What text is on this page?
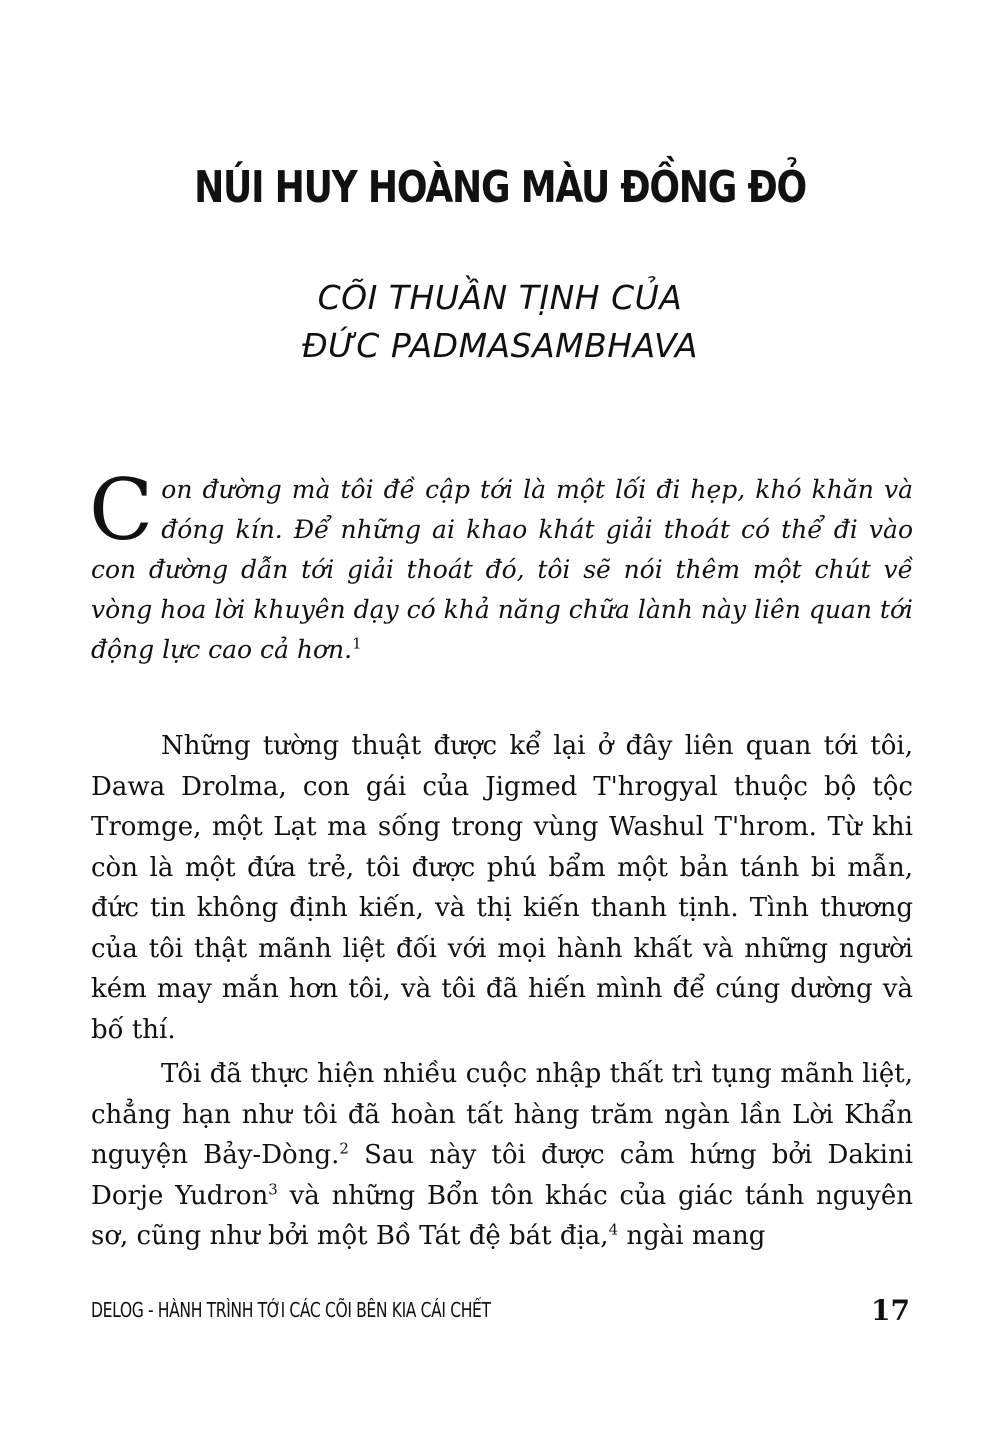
NÚI HUY HOÀNG MÀU ĐỒNG ĐỎ
CÕI THUẦN TỊNH CỦA
ĐỨC PADMASAMBHAVA
Con đường mà tôi đề cập tới là một lối đi hẹp, khó khăn và đóng kín. Để những ai khao khát giải thoát có thể đi vào con đường dẫn tới giải thoát đó, tôi sẽ nói thêm một chút về vòng hoa lời khuyên dạy có khả năng chữa lành này liên quan tới động lực cao cả hơn.$^1$

Những tường thuật được kể lại ở đây liên quan tới tôi, Dawa Drolma, con gái của Jigmed T'hrogyal thuộc bộ tộc Tromge, một Lạt ma sống trong vùng Washul T'hrom. Từ khi còn là một đứa trẻ, tôi được phú bẩm một bản tánh bi mẫn, đức tin không định kiến, và thị kiến thanh tịnh. Tình thương của tôi thật mãnh liệt đối với mọi hành khất và những người kém may mắn hơn tôi, và tôi đã hiến mình để cúng dường và bố thí.

Tôi đã thực hiện nhiều cuộc nhập thất trì tụng mãnh liệt, chẳng hạn như tôi đã hoàn tất hàng trăm ngàn lần Lời Khẩn nguyện Bảy-Dòng.$^2$ Sau này tôi được cảm hứng bởi Dakini Dorje Yudron$^3$ và những Bổn tôn khác của giác tánh nguyên sơ, cũng như bởi một Bồ Tát đệ bát địa,$^4$ ngài mang

DELOG - HÀNH TRÌNH TỚI CÁC CÕI BÊN KIA CÁI CHẾT	17
